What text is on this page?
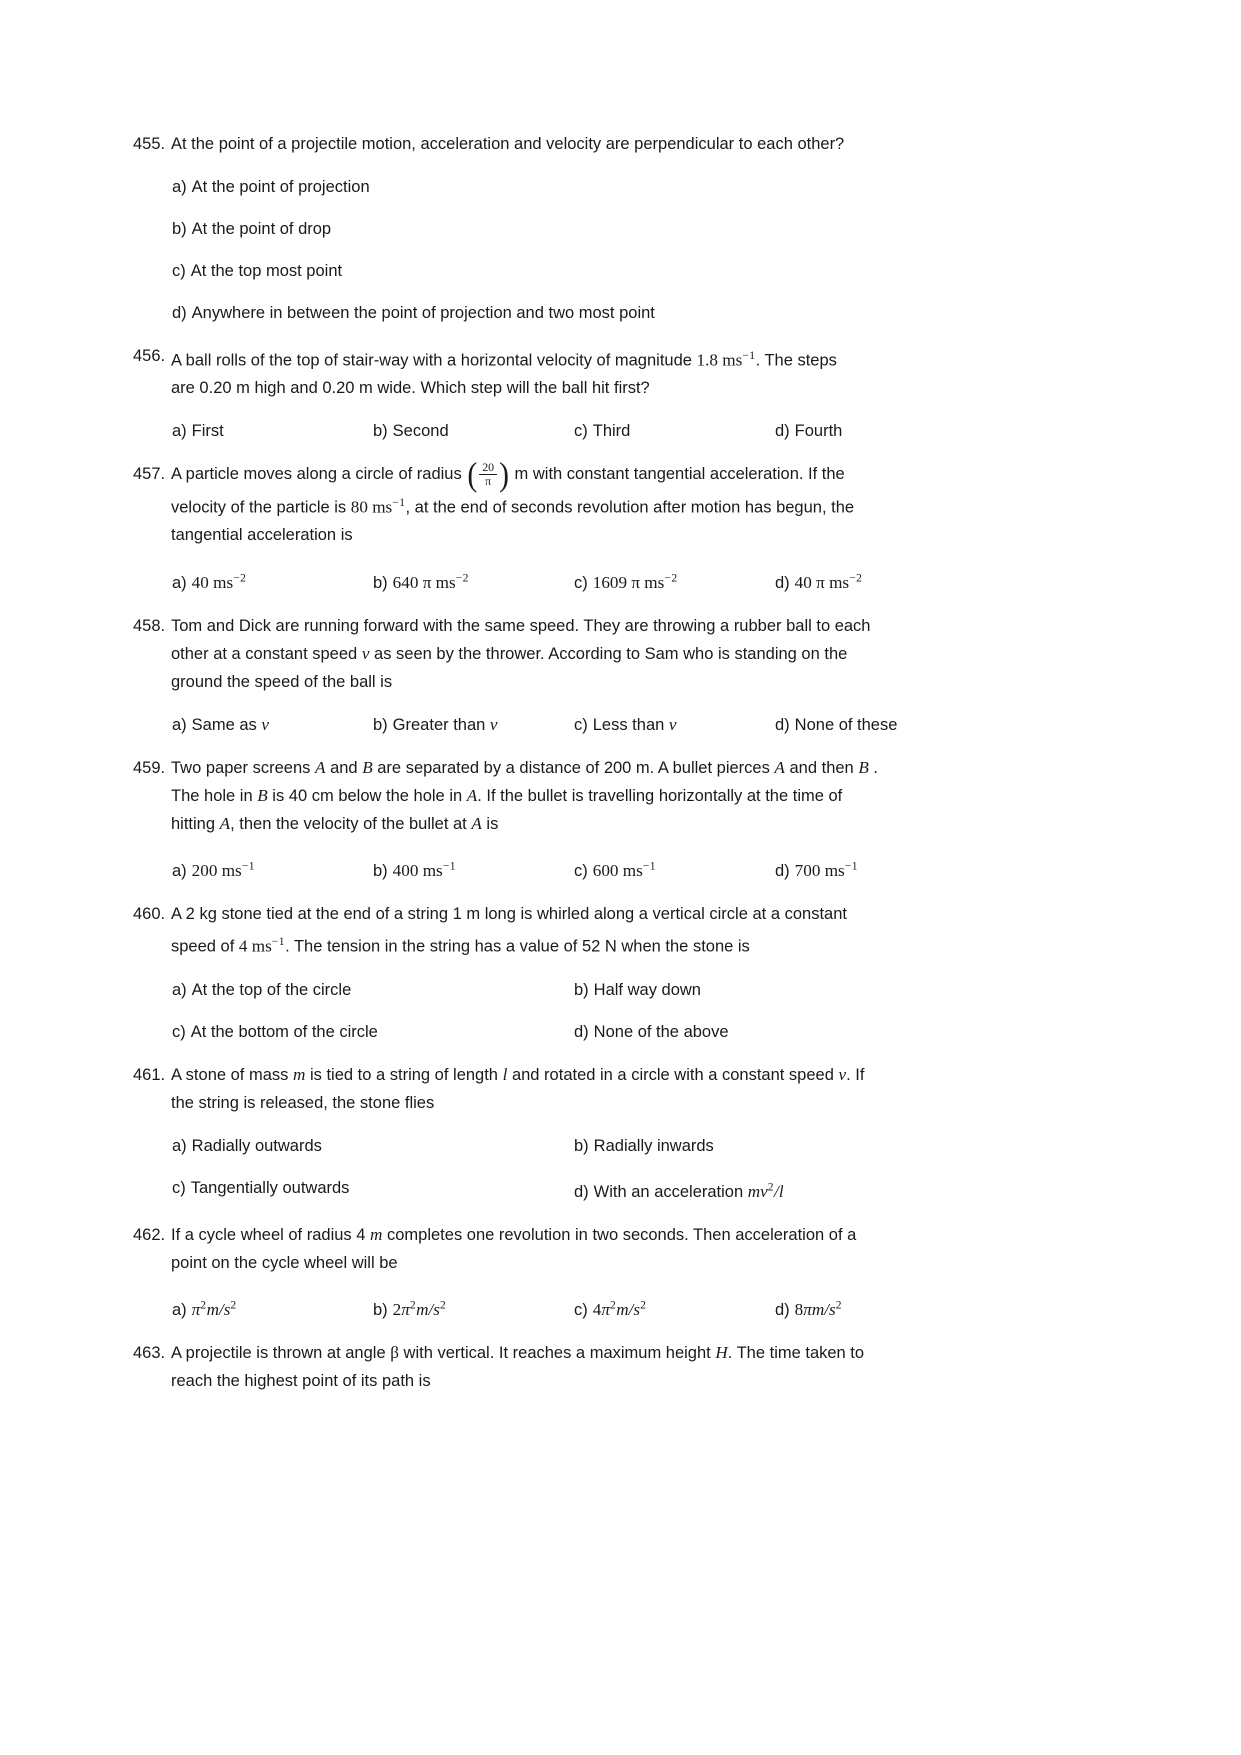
455. At the point of a projectile motion, acceleration and velocity are perpendicular to each other?
a) At the point of projection
b) At the point of drop
c) At the top most point
d) Anywhere in between the point of projection and two most point
456. A ball rolls of the top of stair-way with a horizontal velocity of magnitude 1.8 $ms^{-1}$. The steps
are 0.20 m high and 0.20 m wide. Which step will the ball hit first?
a) First	b) Second	c) Third	d) Fourth
457. A particle moves along a circle of radius ( $\frac{20}{\pi}$ ) m with constant tangential acceleration. If the
velocity of the particle is 80 $ms^{-1}$, at the end of seconds revolution after motion has begun, the
tangential acceleration is
a) 40 $ms^{-2}$	b) 640 π $ms^{-2}$	c) 1609 π $ms^{-2}$	d) 40 π $ms^{-2}$
458. Tom and Dick are running forward with the same speed. They are throwing a rubber ball to each
other at a constant speed v as seen by the thrower. According to Sam who is standing on the
ground the speed of the ball is
a) Same as v	b) Greater than v	c) Less than v	d) None of these
459. Two paper screens A and B are separated by a distance of 200 m. A bullet pierces A and then B .
The hole in B is 40 cm below the hole in A. If the bullet is travelling horizontally at the time of
hitting A, then the velocity of the bullet at A is
a) 200 $ms^{-1}$	b) 400 $ms^{-1}$	c) 600 $ms^{-1}$	d) 700 $ms^{-1}$
460. A 2 kg stone tied at the end of a string 1 m long is whirled along a vertical circle at a constant
speed of 4 $ms^{-1}$. The tension in the string has a value of 52 N when the stone is
a) At the top of the circle	b) Half way down
c) At the bottom of the circle	d) None of the above
461. A stone of mass m is tied to a string of length l and rotated in a circle with a constant speed v. If
the string is released, the stone flies
a) Radially outwards	b) Radially inwards
c) Tangentially outwards	d) With an acceleration $mv^2/l$
462. If a cycle wheel of radius 4 m completes one revolution in two seconds. Then acceleration of a
point on the cycle wheel will be
a) $\pi^2m/s^2$	b) $2\pi^2m/s^2$	c) $4\pi^2m/s^2$	d) $8\pi m/s^2$
463. A projectile is thrown at angle β with vertical. It reaches a maximum height H. The time taken to
reach the highest point of its path is
